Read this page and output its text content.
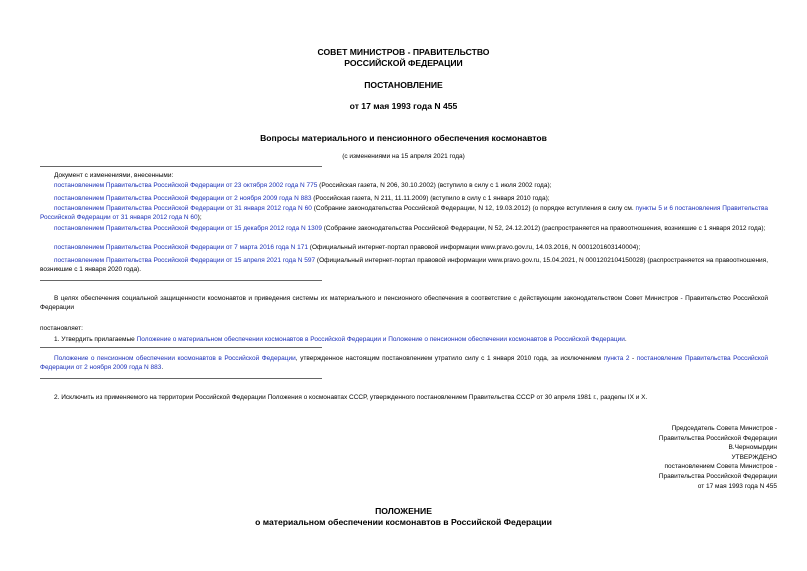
СОВЕТ МИНИСТРОВ - ПРАВИТЕЛЬСТВО
РОССИЙСКОЙ ФЕДЕРАЦИИ
ПОСТАНОВЛЕНИЕ
от 17 мая 1993 года N 455
Вопросы материального и пенсионного обеспечения космонавтов
(с изменениями на 15 апреля 2021 года)
Документ с изменениями, внесенными:
постановлением Правительства Российской Федерации от 23 октября 2002 года N 775 (Российская газета, N 206, 30.10.2002) (вступило в силу с 1 июля 2002 года);
постановлением Правительства Российской Федерации от 2 ноября 2009 года N 883 (Российская газета, N 211, 11.11.2009) (вступило в силу с 1 января 2010 года);
постановлением Правительства Российской Федерации от 31 января 2012 года N 60 (Собрание законодательства Российской Федерации, N 12, 19.03.2012) (о порядке вступления в силу см. пункты 5 и 6 постановления Правительства Российской Федерации от 31 января 2012 года N 60);
постановлением Правительства Российской Федерации от 15 декабря 2012 года N 1309 (Собрание законодательства Российской Федерации, N 52, 24.12.2012) (распространяется на правоотношения, возникшие с 1 января 2012 года);
постановлением Правительства Российской Федерации от 7 марта 2016 года N 171 (Официальный интернет-портал правовой информации www.pravo.gov.ru, 14.03.2016, N 0001201603140004);
постановлением Правительства Российской Федерации от 15 апреля 2021 года N 597 (Официальный интернет-портал правовой информации www.pravo.gov.ru, 15.04.2021, N 0001202104150028) (распространяется на правоотношения, возникшие с 1 января 2020 года).
В целях обеспечения социальной защищенности космонавтов и приведения системы их материального и пенсионного обеспечения в соответствие с действующим законодательством Совет Министров - Правительство Российской Федерации
постановляет:
1. Утвердить прилагаемые Положение о материальном обеспечении космонавтов в Российской Федерации и Положение о пенсионном обеспечении космонавтов в Российской Федерации.
Положение о пенсионном обеспечении космонавтов в Российской Федерации, утвержденное настоящим постановлением утратило силу с 1 января 2010 года, за исключением пункта 2 - постановление Правительства Российской Федерации от 2 ноября 2009 года N 883.
2. Исключить из применяемого на территории Российской Федерации Положения о космонавтах СССР, утвержденного постановлением Правительства СССР от 30 апреля 1981 г., разделы IX и X.
Председатель Совета Министров -
Правительства Российской Федерации
В.Черномырдин
УТВЕРЖДЕНО
постановлением Совета Министров -
Правительства Российской Федерации
от 17 мая 1993 года N 455
ПОЛОЖЕНИЕ
о материальном обеспечении космонавтов в Российской Федерации
